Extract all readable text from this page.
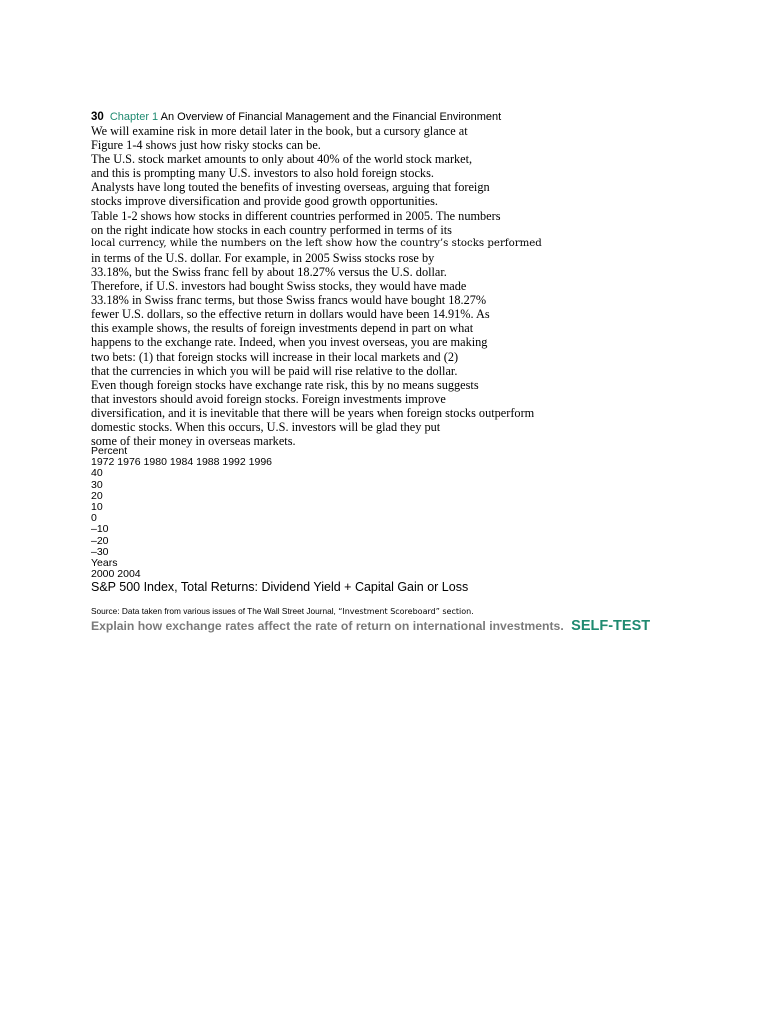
30 Chapter 1 An Overview of Financial Management and the Financial Environment
We will examine risk in more detail later in the book, but a cursory glance at
Figure 1-4 shows just how risky stocks can be.
The U.S. stock market amounts to only about 40% of the world stock market,
and this is prompting many U.S. investors to also hold foreign stocks.
Analysts have long touted the benefits of investing overseas, arguing that foreign
stocks improve diversification and provide good growth opportunities.
Table 1-2 shows how stocks in different countries performed in 2005. The numbers
on the right indicate how stocks in each country performed in terms of its
local currency, while the numbers on the left show how the country’s stocks performed
in terms of the U.S. dollar. For example, in 2005 Swiss stocks rose by
33.18%, but the Swiss franc fell by about 18.27% versus the U.S. dollar.
Therefore, if U.S. investors had bought Swiss stocks, they would have made
33.18% in Swiss franc terms, but those Swiss francs would have bought 18.27%
fewer U.S. dollars, so the effective return in dollars would have been 14.91%. As
this example shows, the results of foreign investments depend in part on what
happens to the exchange rate. Indeed, when you invest overseas, you are making
two bets: (1) that foreign stocks will increase in their local markets and (2)
that the currencies in which you will be paid will rise relative to the dollar.
Even though foreign stocks have exchange rate risk, this by no means suggests
that investors should avoid foreign stocks. Foreign investments improve
diversification, and it is inevitable that there will be years when foreign stocks outperform
domestic stocks. When this occurs, U.S. investors will be glad they put
some of their money in overseas markets.
Percent
1972 1976 1980 1984 1988 1992 1996
40
30
20
10
0
–10
–20
–30
Years
2000 2004
S&P 500 Index, Total Returns: Dividend Yield + Capital Gain or Loss
Source: Data taken from various issues of The Wall Street Journal, “Investment Scoreboard” section.
Explain how exchange rates affect the rate of return on international investments. SELF-TEST
